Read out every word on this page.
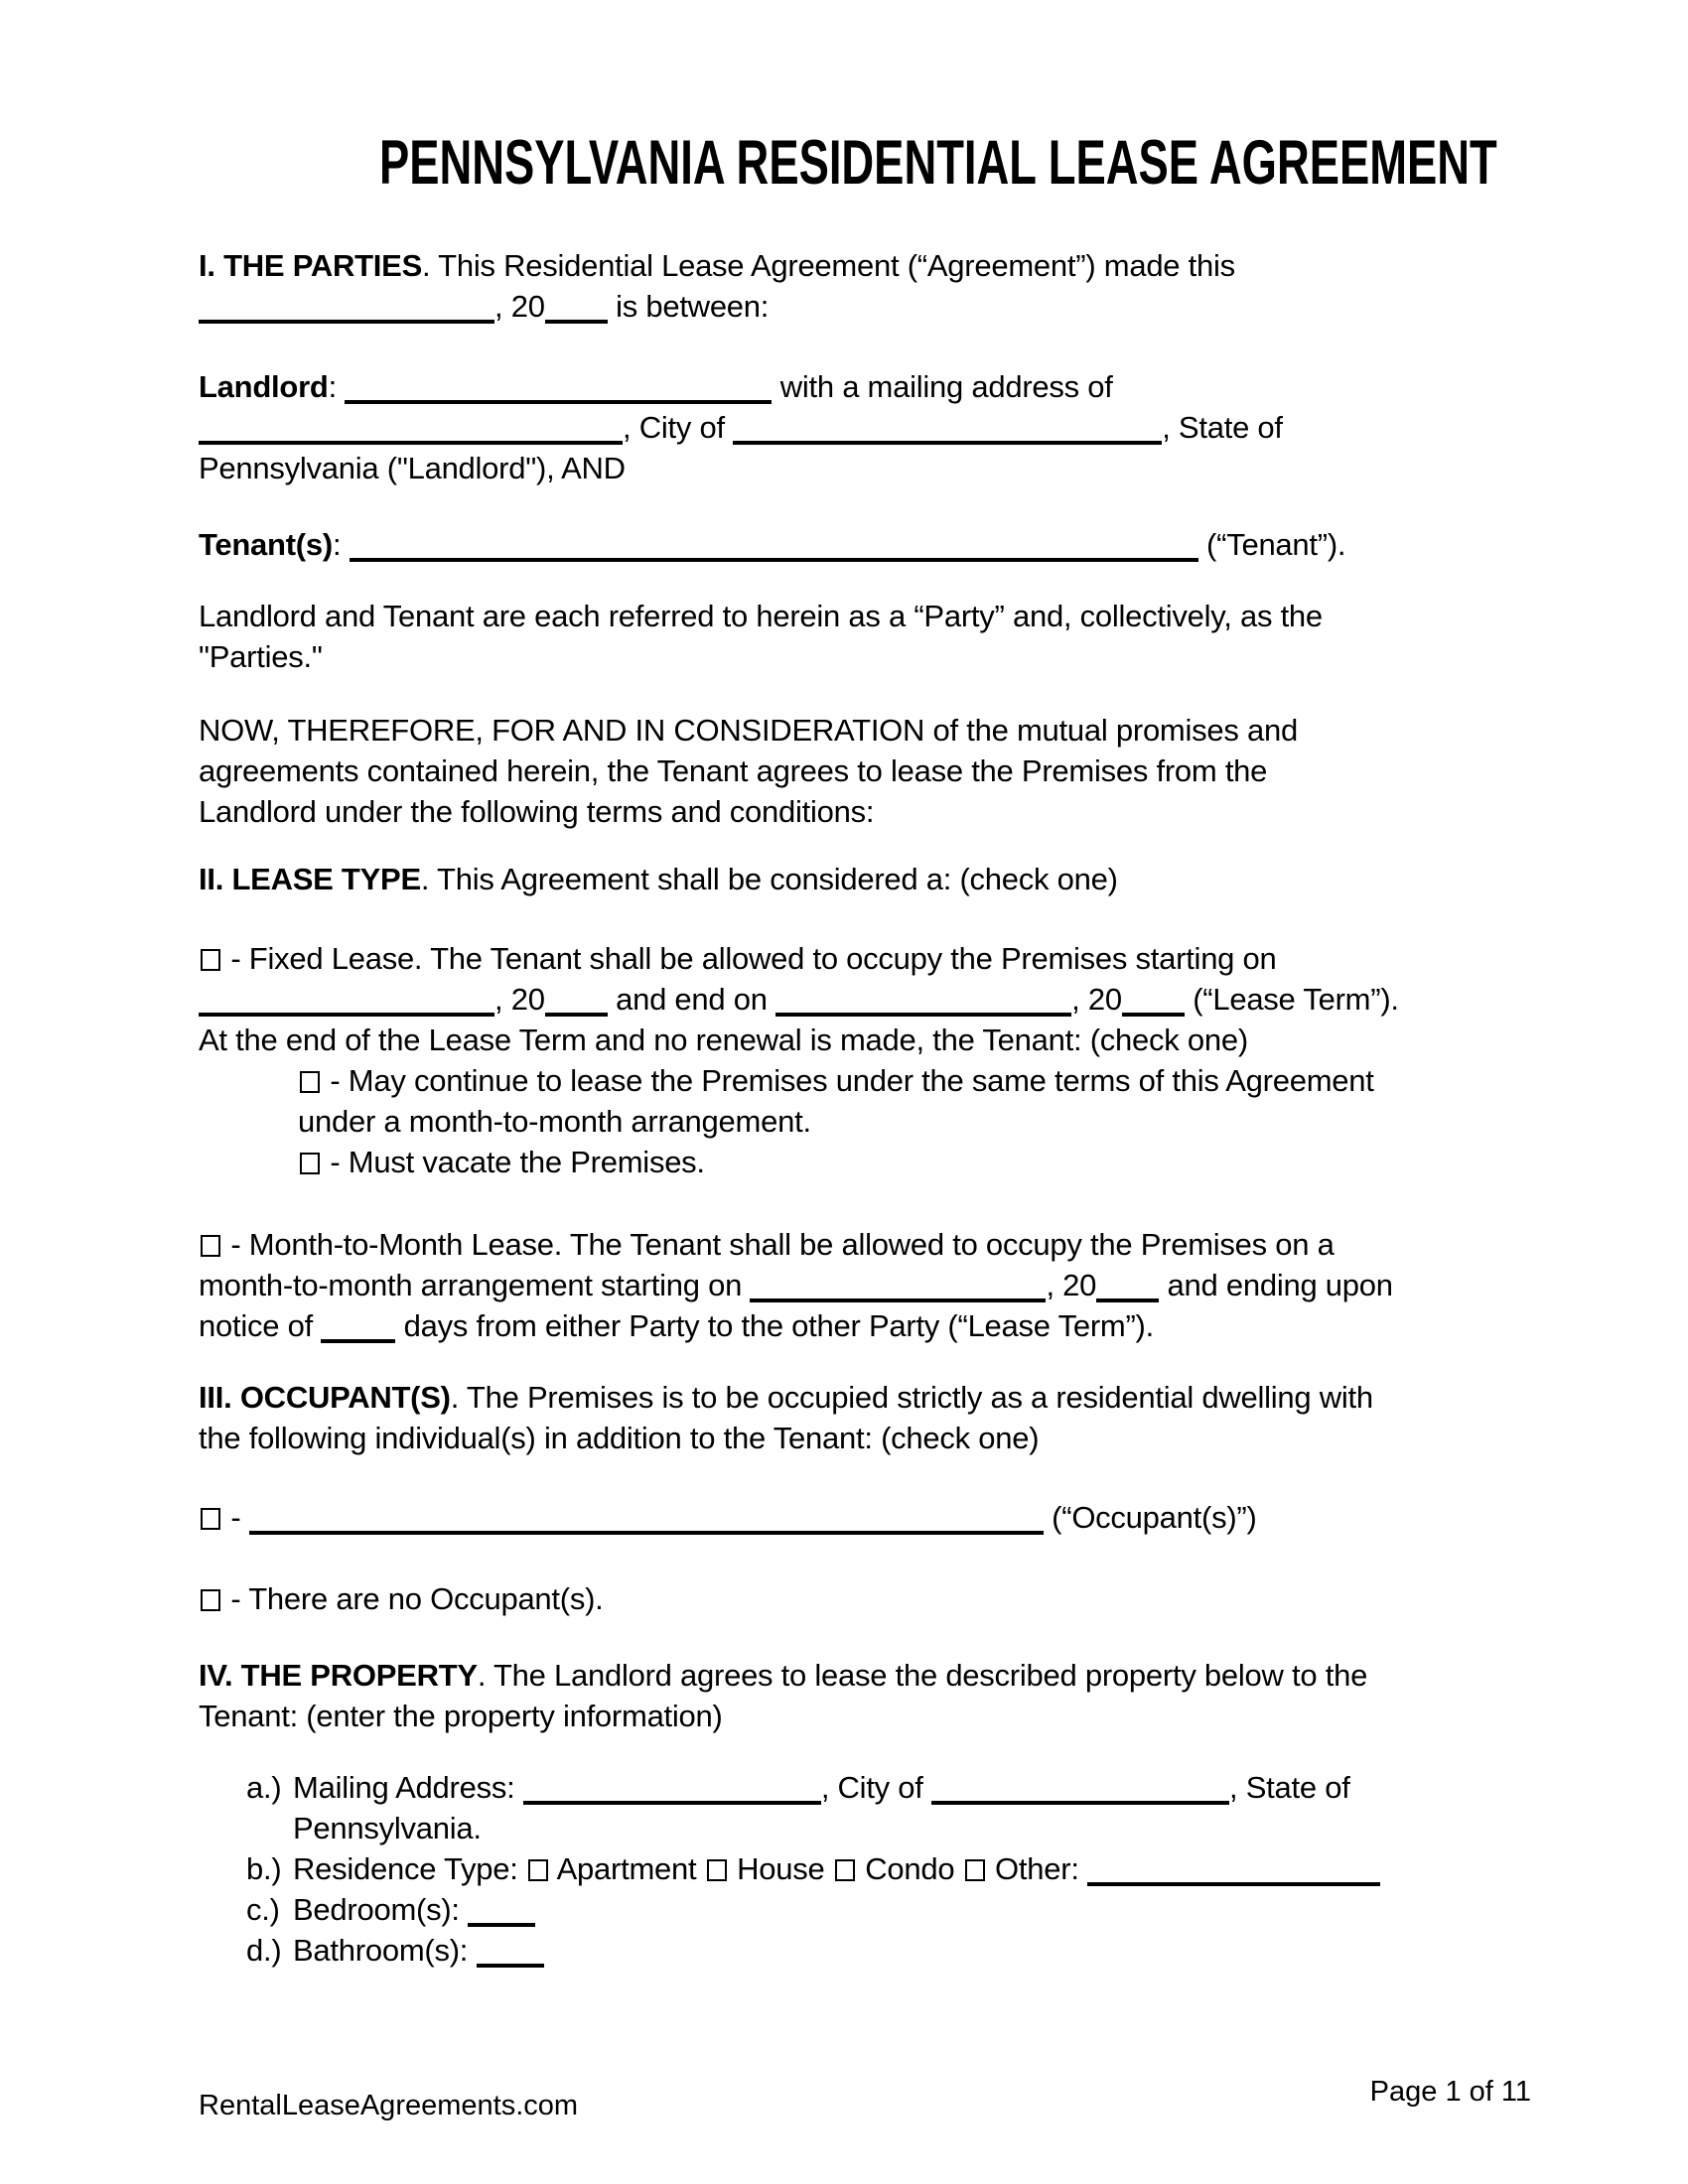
PENNSYLVANIA RESIDENTIAL LEASE AGREEMENT
I. THE PARTIES. This Residential Lease Agreement (“Agreement”) made this
, 20 is between:
Landlord:	with a mailing address of
, City of	, State of
Pennsylvania ("Landlord"), AND
Tenant(s):	(“Tenant”).
Landlord and Tenant are each referred to herein as a “Party” and, collectively, as the
"Parties."
NOW, THEREFORE, FOR AND IN CONSIDERATION of the mutual promises and
agreements contained herein, the Tenant agrees to lease the Premises from the
Landlord under the following terms and conditions:
II. LEASE TYPE. This Agreement shall be considered a: (check one)
- Fixed Lease. The Tenant shall be allowed to occupy the Premises starting on
, 20 and end on	, 20 (“Lease Term”).
At the end of the Lease Term and no renewal is made, the Tenant: (check one)
- May continue to lease the Premises under the same terms of this Agreement
under a month-to-month arrangement.
- Must vacate the Premises.
- Month-to-Month Lease. The Tenant shall be allowed to occupy the Premises on a
month-to-month arrangement starting on	, 20 and ending upon
notice of  days from either Party to the other Party (“Lease Term”).
III. OCCUPANT(S). The Premises is to be occupied strictly as a residential dwelling with
the following individual(s) in addition to the Tenant: (check one)
-	(“Occupant(s)”)
- There are no Occupant(s).
IV. THE PROPERTY. The Landlord agrees to lease the described property below to the
Tenant: (enter the property information)
a.) Mailing Address:	, City of	, State of
Pennsylvania.
b.) Residence Type:  Apartment  House  Condo  Other:
c.) Bedroom(s):
d.) Bathroom(s):
RentalLeaseAgreements.com	Page 1 of 11
